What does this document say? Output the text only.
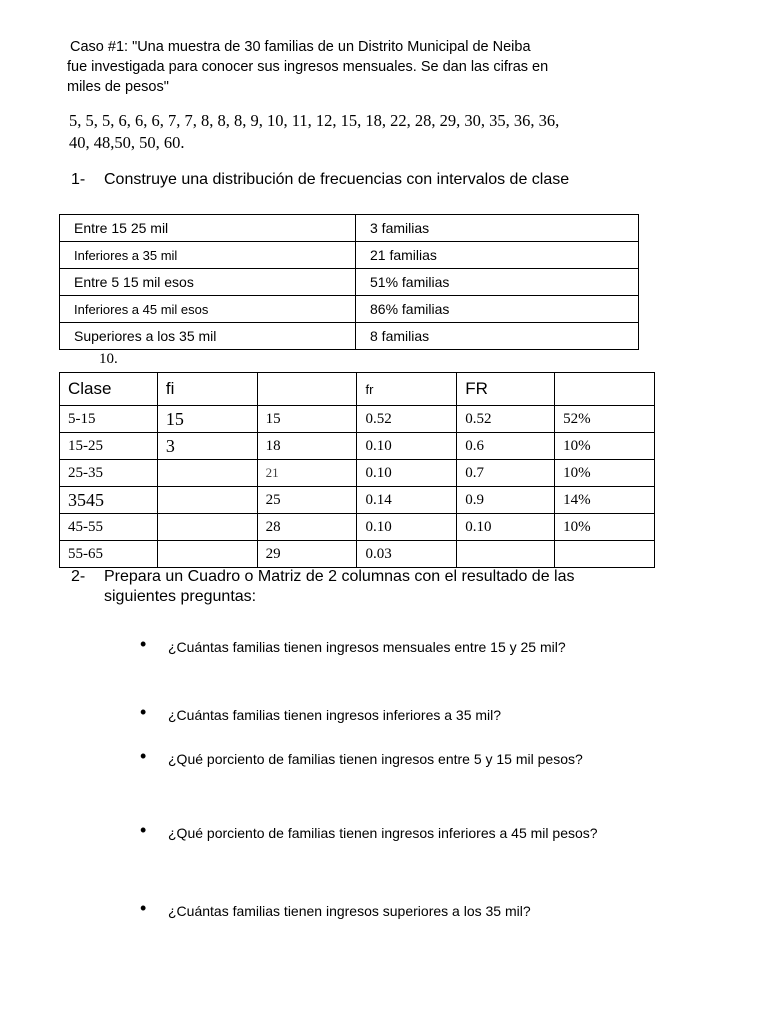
Caso #1: "Una muestra de 30 familias de un Distrito Municipal de Neiba
fue investigada para conocer sus ingresos mensuales. Se dan las cifras en
miles de pesos"
5, 5, 5, 6, 6, 6, 7, 7, 8, 8, 8, 9, 10, 11, 12, 15, 18, 22, 28, 29, 30, 35, 36, 36,
40, 48,50, 50, 60.
1-	Construye una distribución de frecuencias con intervalos de clase
Entre 15 25 mil	3 familias
Inferiores a 35 mil	21 familias
Entre 5 15 mil esos	51% familias
Inferiores a 45 mil esos	86% familias
Superiores a los 35 mil	8 familias
10.
Clase	fi		fr	FR	
5-15	15	15	0.52	0.52	52%
15-25	3	18	0.10	0.6	10%
25-35		21	0.10	0.7	10%
3545		25	0.14	0.9	14%
45-55		28	0.10	0.10	10%
55-65		29	0.03		
2-	Prepara un Cuadro o Matriz de 2 columnas con el resultado de las siguientes preguntas:
•	¿Cuántas familias tienen ingresos mensuales entre 15 y 25 mil?
•	¿Cuántas familias tienen ingresos inferiores a 35 mil?
•	¿Qué porciento de familias tienen ingresos entre 5 y 15 mil pesos?
•	¿Qué porciento de familias tienen ingresos inferiores a 45 mil pesos?
•	¿Cuántas familias tienen ingresos superiores a los 35 mil?
